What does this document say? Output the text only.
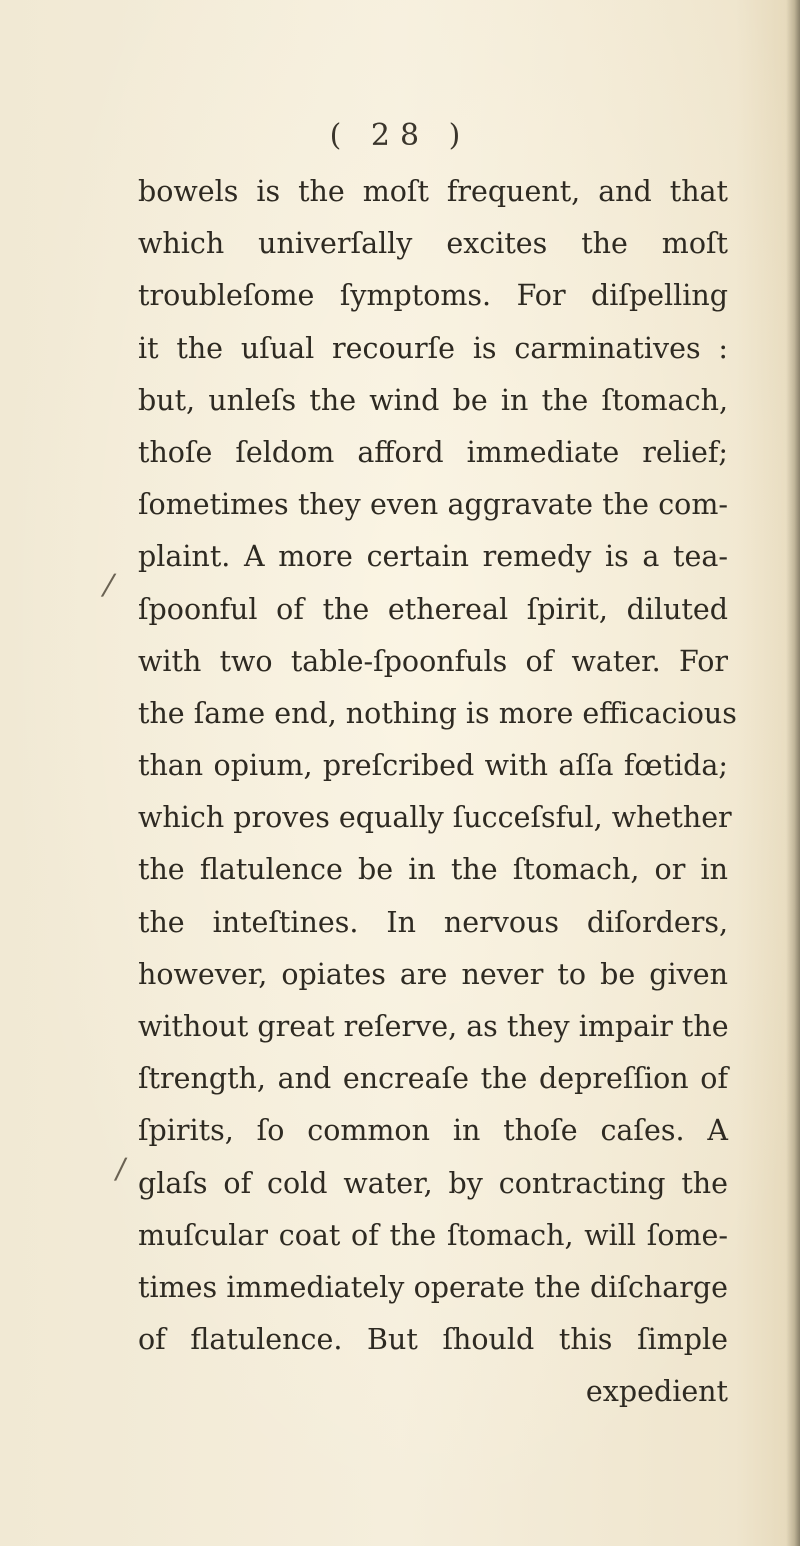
( 28 )
/
/
bowels is the moſt frequent, and that
which univerſally excites the moſt
troubleſome ſymptoms. For diſpelling
it the uſual recourſe is carminatives :
but, unleſs the wind be in the ſtomach,
thoſe ſeldom afford immediate relief;
ſometimes they even aggravate the com-
plaint. A more certain remedy is a tea-
ſpoonful of the ethereal ſpirit, diluted
with two table-ſpoonfuls of water. For
the ſame end, nothing is more efficacious
than opium, preſcribed with aſſa fœtida;
which proves equally ſucceſsful, whether
the flatulence be in the ſtomach, or in
the inteſtines. In nervous diſorders,
however, opiates are never to be given
without great reſerve, as they impair the
ſtrength, and encreaſe the depreſſion of
ſpirits, ſo common in thoſe caſes. A
glaſs of cold water, by contracting the
muſcular coat of the ſtomach, will ſome-
times immediately operate the diſcharge
of flatulence. But ſhould this ſimple
expedient
